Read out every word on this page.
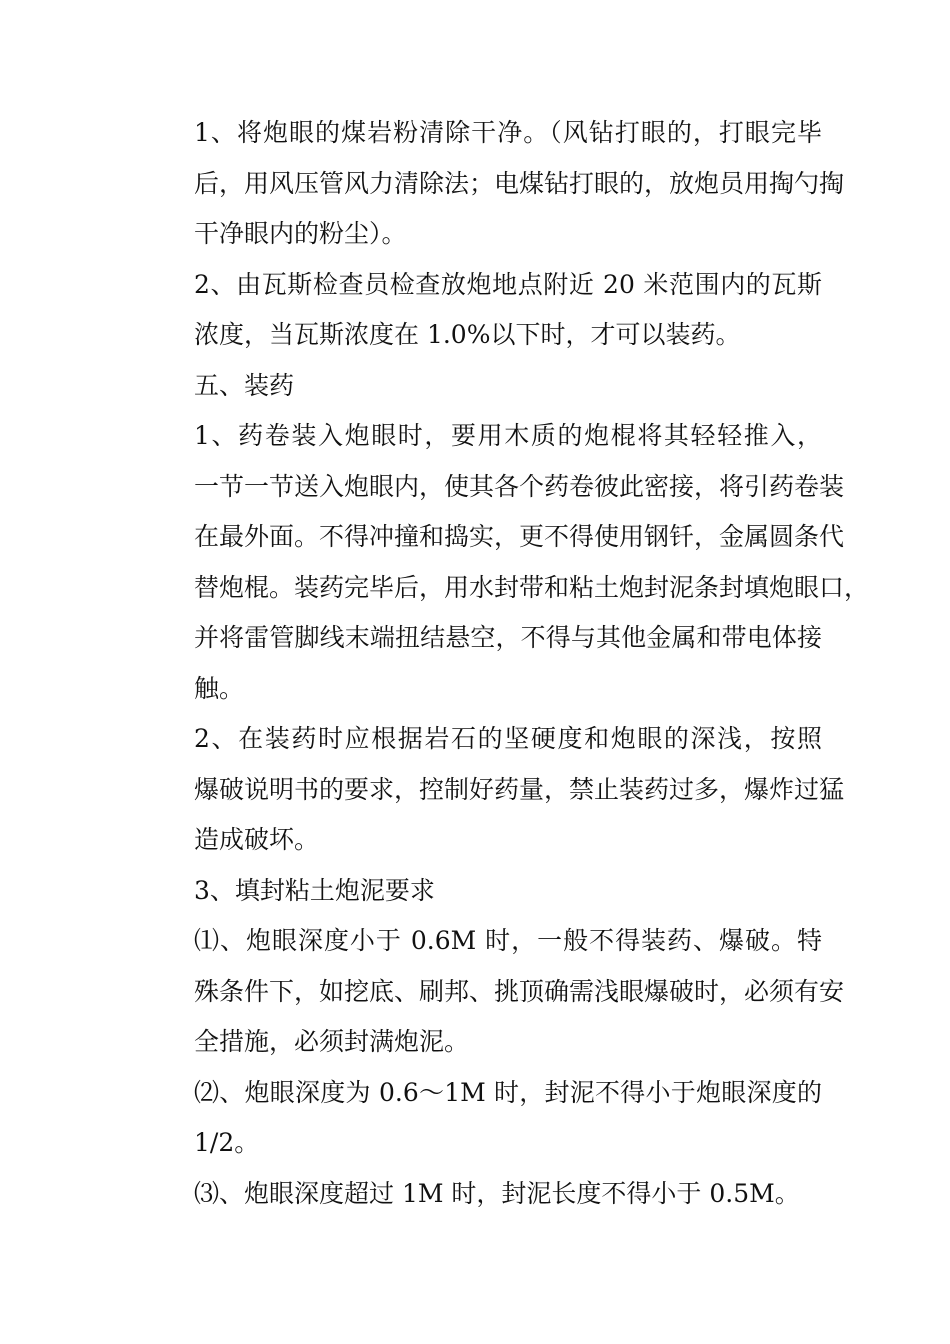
1、将炮眼的煤岩粉清除干净。（风钻打眼的，打眼完毕
后，用风压管风力清除法；电煤钻打眼的，放炮员用掏勺掏
干净眼内的粉尘）。
2、由瓦斯检查员检查放炮地点附近 20 米范围内的瓦斯
浓度，当瓦斯浓度在 1.0%以下时，才可以装药。
五、装药
1、药卷装入炮眼时，要用木质的炮棍将其轻轻推入，
一节一节送入炮眼内，使其各个药卷彼此密接，将引药卷装
在最外面。不得冲撞和捣实，更不得使用钢钎，金属圆条代
替炮棍。装药完毕后，用水封带和粘土炮封泥条封填炮眼口，
并将雷管脚线末端扭结悬空，不得与其他金属和带电体接
触。
2、在装药时应根据岩石的坚硬度和炮眼的深浅，按照
爆破说明书的要求，控制好药量，禁止装药过多，爆炸过猛
造成破坏。
3、填封粘土炮泥要求
⑴、炮眼深度小于 0.6M 时，一般不得装药、爆破。特
殊条件下，如挖底、刷邦、挑顶确需浅眼爆破时，必须有安
全措施，必须封满炮泥。
⑵、炮眼深度为 0.6～1M 时，封泥不得小于炮眼深度的
1/2。
⑶、炮眼深度超过 1M 时，封泥长度不得小于 0.5M。
